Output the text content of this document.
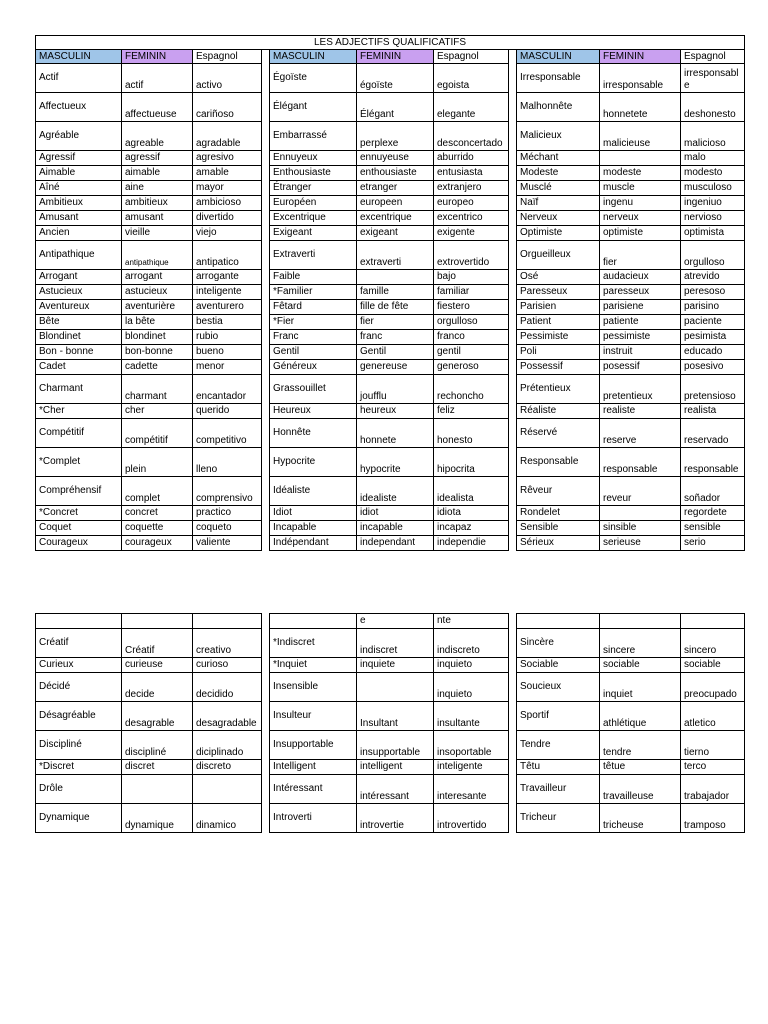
LES ADJECTIFS QUALIFICATIFS										
MASCULIN	FEMININ	Espagnol		MASCULIN	FEMININ	Espagnol		MASCULIN	FEMININ	Espagnol
Actif	actif	activo		Égoïste	égoïste	egoista		Irresponsable	irresponsable	irresponsable
Affectueux	affectueuse	cariñoso		Élégant	Élégant	elegante		Malhonnête	honnetete	deshonesto
Agréable	agreable	agradable		Embarrassé	perplexe	desconcertado		Malicieux	malicieuse	malicioso
Agressif	agressif	agresivo		Ennuyeux	ennuyeuse	aburrido		Méchant		malo
Aimable	aimable	amable		Enthousiaste	enthousiaste	entusiasta		Modeste	modeste	modesto
Aîné	aine	mayor		Étranger	etranger	extranjero		Musclé	muscle	musculoso
Ambitieux	ambitieux	ambicioso		Européen	europeen	europeo		Naïf	ingenu	ingeniuo
Amusant	amusant	divertido		Excentrique	excentrique	excentrico		Nerveux	nerveux	nervioso
Ancien	vieille	viejo		Exigeant	exigeant	exigente		Optimiste	optimiste	optimista
Antipathique	antipathique	antipatico		Extraverti	extraverti	extrovertido		Orgueilleux	fier	orgulloso
Arrogant	arrogant	arrogante		Faible		bajo		Osé	audacieux	atrevido
Astucieux	astucieux	inteligente		*Familier	famille	familiar		Paresseux	paresseux	peresoso
Aventureux	aventurière	aventurero		Fêtard	fille de fête	fiestero		Parisien	parisiene	parisino
Bête	la bête	bestia		*Fier	fier	orgulloso		Patient	patiente	paciente
Blondinet	blondinet	rubio		Franc	franc	franco		Pessimiste	pessimiste	pesimista
Bon - bonne	bon-bonne	bueno		Gentil	Gentil	gentil		Poli	instruit	educado
Cadet	cadette	menor		Généreux	genereuse	generoso		Possessif	posessif	posesivo
Charmant	charmant	encantador		Grassouillet	joufflu	rechoncho		Prétentieux	pretentieux	pretensioso
*Cher	cher	querido		Heureux	heureux	feliz		Réaliste	realiste	realista
Compétitif	compétitif	competitivo		Honnête	honnete	honesto		Réservé	reserve	reservado
*Complet	plein	lleno		Hypocrite	hypocrite	hipocrita		Responsable	responsable	responsable
Compréhensif	complet	comprensivo		Idéaliste	idealiste	idealista		Rêveur	reveur	soñador
*Concret	concret	practico		Idiot	idiot	idiota		Rondelet		regordete
Coquet	coquette	coqueto		Incapable	incapable	incapaz		Sensible	sinsible	sensible
Courageux	courageux	valiente		Indépendant	independant	independie		Sérieux	serieuse	serio
					e	nte				
Créatif	Créatif	creativo		*Indiscret	indiscret	indiscreto		Sincère	sincere	sincero
Curieux	curieuse	curioso		*Inquiet	inquiete	inquieto		Sociable	sociable	sociable
Décidé	decide	decidido		Insensible		inquieto		Soucieux	inquiet	preocupado
Désagréable	desagrable	desagradable		Insulteur	Insultant	insultante		Sportif	athlétique	atletico
Discipliné	discipliné	diciplinado		Insupportable	insupportable	insoportable		Tendre	tendre	tierno
*Discret	discret	discreto		Intelligent	intelligent	inteligente		Têtu	têtue	terco
Drôle				Intéressant	intéressant	interesante		Travailleur	travailleuse	trabajador
Dynamique	dynamique	dinamico		Introverti	introvertie	introvertido		Tricheur	tricheuse	tramposo
